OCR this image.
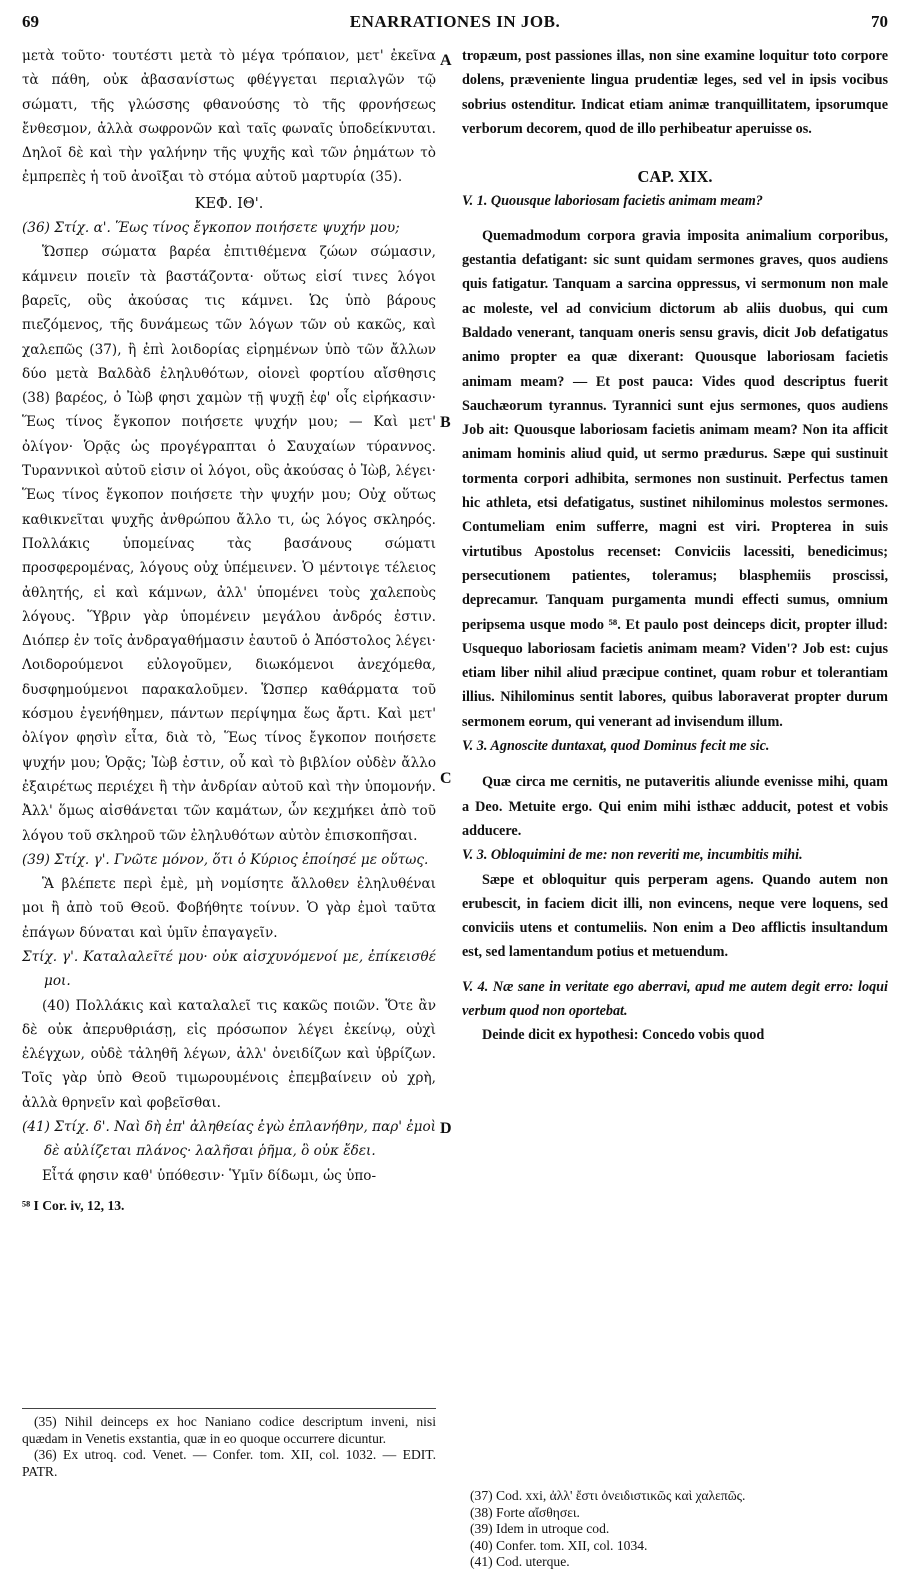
69	ENARRATIONES IN JOB.	70

μετὰ τοῦτο· τουτέστι μετὰ τὸ μέγα τρόπαιον, μετ' ἐκεῖνα τὰ πάθη, οὐκ ἀβασανίστως φθέγγεται περιαλγῶν τῷ σώματι, τῆς γλώσσης φθανούσης τὸ τῆς φρονήσεως ἔνθεσμον, ἀλλὰ σωφρονῶν καὶ ταῖς φωναῖς ὑποδείκνυται. Δηλοῖ δὲ καὶ τὴν γαλήνην τῆς ψυχῆς καὶ τῶν ῥημάτων τὸ ἐμπρεπὲς ἡ τοῦ ἀνοῖξαι τὸ στόμα αὐτοῦ μαρτυρία (35).

ΚΕΦ. ΙΘ'.

(36) Στίχ. α'. Ἕως τίνος ἔγκοπον ποιήσετε ψυχήν μου;

Ὥσπερ σώματα βαρέα ἐπιτιθέμενα ζώων σώμασιν, κάμνειν ποιεῖν τὰ βαστάζοντα· οὕτως εἰσί τινες λόγοι βαρεῖς, οὓς ἀκούσας τις κάμνει. Ὡς ὑπὸ βάρους πιεζόμενος, τῆς δυνάμεως τῶν λόγων τῶν οὐ κακῶς, καὶ χαλεπῶς (37), ἢ ἐπὶ λοιδορίας εἰρημένων ὑπὸ τῶν ἄλλων δύο μετὰ Βαλδὰδ ἐληλυθότων, οἱονεὶ φορτίου αἴσθησις (38) βαρέος, ὁ Ἰὼβ φησι χαμὼν τῇ ψυχῇ ἐφ' οἷς εἰρήκασιν· Ἕως τίνος ἔγκοπον ποιήσετε ψυχήν μου; — Καὶ μετ' ὀλίγον· Ὁρᾷς ὡς προγέγραπται ὁ Σαυχαίων τύραννος. Τυραννικοὶ αὐτοῦ εἰσιν οἱ λόγοι, οὓς ἀκούσας ὁ Ἰὼβ, λέγει· Ἕως τίνος ἔγκοπον ποιήσετε τὴν ψυχήν μου; Οὐχ οὕτως καθικνεῖται ψυχῆς ἀνθρώπου ἄλλο τι, ὡς λόγος σκληρός. Πολλάκις ὑπομείνας τὰς βασάνους σώματι προσφερομένας, λόγους οὐχ ὑπέμεινεν. Ὁ μέντοιγε τέλειος ἀθλητής, εἰ καὶ κάμνων, ἀλλ' ὑπομένει τοὺς χαλεποὺς λόγους. Ὕβριν γὰρ ὑπομένειν μεγάλου ἀνδρός ἐστιν. Διόπερ ἐν τοῖς ἀνδραγαθήμασιν ἑαυτοῦ ὁ Ἀπόστολος λέγει· Λοιδορούμενοι εὐλογοῦμεν, διωκόμενοι ἀνεχόμεθα, δυσφημούμενοι παρακαλοῦμεν. Ὥσπερ καθάρματα τοῦ κόσμου ἐγενήθημεν, πάντων περίψημα ἕως ἄρτι. Καὶ μετ' ὀλίγον φησὶν εἶτα, διὰ τὸ, Ἕως τίνος ἔγκοπον ποιήσετε ψυχήν μου; Ὁρᾷς; Ἰὼβ ἐστιν, οὗ καὶ τὸ βιβλίον οὐδὲν ἄλλο ἐξαιρέτως περιέχει ἢ τὴν ἀνδρίαν αὐτοῦ καὶ τὴν ὑπομονήν. Ἀλλ' ὅμως αἰσθάνεται τῶν καμάτων, ὧν κεχμήκει ἀπὸ τοῦ λόγου τοῦ σκληροῦ τῶν ἐληλυθότων αὐτὸν ἐπισκοπῆσαι.

(39) Στίχ. γ'. Γνῶτε μόνον, ὅτι ὁ Κύριος ἐποίησέ με οὕτως.

Ἃ βλέπετε περὶ ἐμὲ, μὴ νομίσητε ἄλλοθεν ἐληλυθέναι μοι ἢ ἀπὸ τοῦ Θεοῦ. Φοβήθητε τοίνυν. Ὁ γὰρ ἐμοὶ ταῦτα ἐπάγων δύναται καὶ ὑμῖν ἐπαγαγεῖν.

Στίχ. γ'. Καταλαλεῖτέ μου· οὐκ αἰσχυνόμενοί με, ἐπίκεισθέ μοι.

(40) Πολλάκις καὶ καταλαλεῖ τις κακῶς ποιῶν. Ὅτε ἂν δὲ οὐκ ἀπερυθριάσῃ, εἰς πρόσωπον λέγει ἐκείνῳ, οὐχὶ ἐλέγχων, οὐδὲ τἀληθῆ λέγων, ἀλλ' ὀνειδίζων καὶ ὑβρίζων. Τοῖς γὰρ ὑπὸ Θεοῦ τιμωρουμένοις ἐπεμβαίνειν οὐ χρὴ, ἀλλὰ θρηνεῖν καὶ φοβεῖσθαι.

(41) Στίχ. δ'. Ναὶ δὴ ἐπ' ἀληθείας ἐγὼ ἐπλανήθην, παρ' ἐμοὶ δὲ αὐλίζεται πλάνος· λαλῆσαι ῥῆμα, ὃ οὐκ ἔδει.

Εἶτά φησιν καθ' ὑπόθεσιν· Ὑμῖν δίδωμι, ὡς ὑπο-

⁵⁸ I Cor. iv, 12, 13.

A
B
C
D

tropæum, post passiones illas, non sine examine loquitur toto corpore dolens, præveniente lingua prudentiæ leges, sed vel in ipsis vocibus sobrius ostenditur. Indicat etiam animæ tranquillitatem, ipsorumque verborum decorem, quod de illo perhibeatur aperuisse os.

CAP. XIX.

V. 1. Quousque laboriosam facietis animam meam?

Quemadmodum corpora gravia imposita animalium corporibus, gestantia defatigant: sic sunt quidam sermones graves, quos audiens quis fatigatur. Tanquam a sarcina oppressus, vi sermonum non male ac moleste, vel ad convicium dictorum ab aliis duobus, qui cum Baldado venerant, tanquam oneris sensu gravis, dicit Job defatigatus animo propter ea quæ dixerant: Quousque laboriosam facietis animam meam? — Et post pauca: Vides quod descriptus fuerit Sauchæorum tyrannus. Tyrannici sunt ejus sermones, quos audiens Job ait: Quousque laboriosam facietis animam meam? Non ita afficit animam hominis aliud quid, ut sermo prædurus. Sæpe qui sustinuit tormenta corpori adhibita, sermones non sustinuit. Perfectus tamen hic athleta, etsi defatigatus, sustinet nihilominus molestos sermones. Contumeliam enim sufferre, magni est viri. Propterea in suis virtutibus Apostolus recenset: Conviciis lacessiti, benedicimus; persecutionem patientes, toleramus; blasphemiis proscissi, deprecamur. Tanquam purgamenta mundi effecti sumus, omnium peripsema usque modo ⁵⁸. Et paulo post deinceps dicit, propter illud: Usquequo laboriosam facietis animam meam? Viden'? Job est: cujus etiam liber nihil aliud præcipue continet, quam robur et tolerantiam illius. Nihilominus sentit labores, quibus laboraverat propter durum sermonem eorum, qui venerant ad invisendum illum.

V. 3. Agnoscite duntaxat, quod Dominus fecit me sic.

Quæ circa me cernitis, ne putaveritis aliunde evenisse mihi, quam a Deo. Metuite ergo. Qui enim mihi isthæc adducit, potest et vobis adducere.

V. 3. Obloquimini de me: non reveriti me, incumbitis mihi.

Sæpe et obloquitur quis perperam agens. Quando autem non erubescit, in faciem dicit illi, non evincens, neque vere loquens, sed conviciis utens et contumeliis. Non enim a Deo afflictis insultandum est, sed lamentandum potius et metuendum.

V. 4. Næ sane in veritate ego aberravi, apud me autem degit erro: loqui verbum quod non oportebat.

Deinde dicit ex hypothesi: Concedo vobis quod

(35) Nihil deinceps ex hoc Naniano codice descriptum inveni, nisi quædam in Venetis exstantia, quæ in eo quoque occurrere dicuntur.

(36) Ex utroq. cod. Venet. — Confer. tom. XII, col. 1032. — EDIT. PATR.

(37) Cod. xxi, ἀλλ' ἔστι ὀνειδιστικῶς καὶ χαλεπῶς.

(38) Forte αἴσθησει.

(39) Idem in utroque cod.

(40) Confer. tom. XII, col. 1034.

(41) Cod. uterque.
